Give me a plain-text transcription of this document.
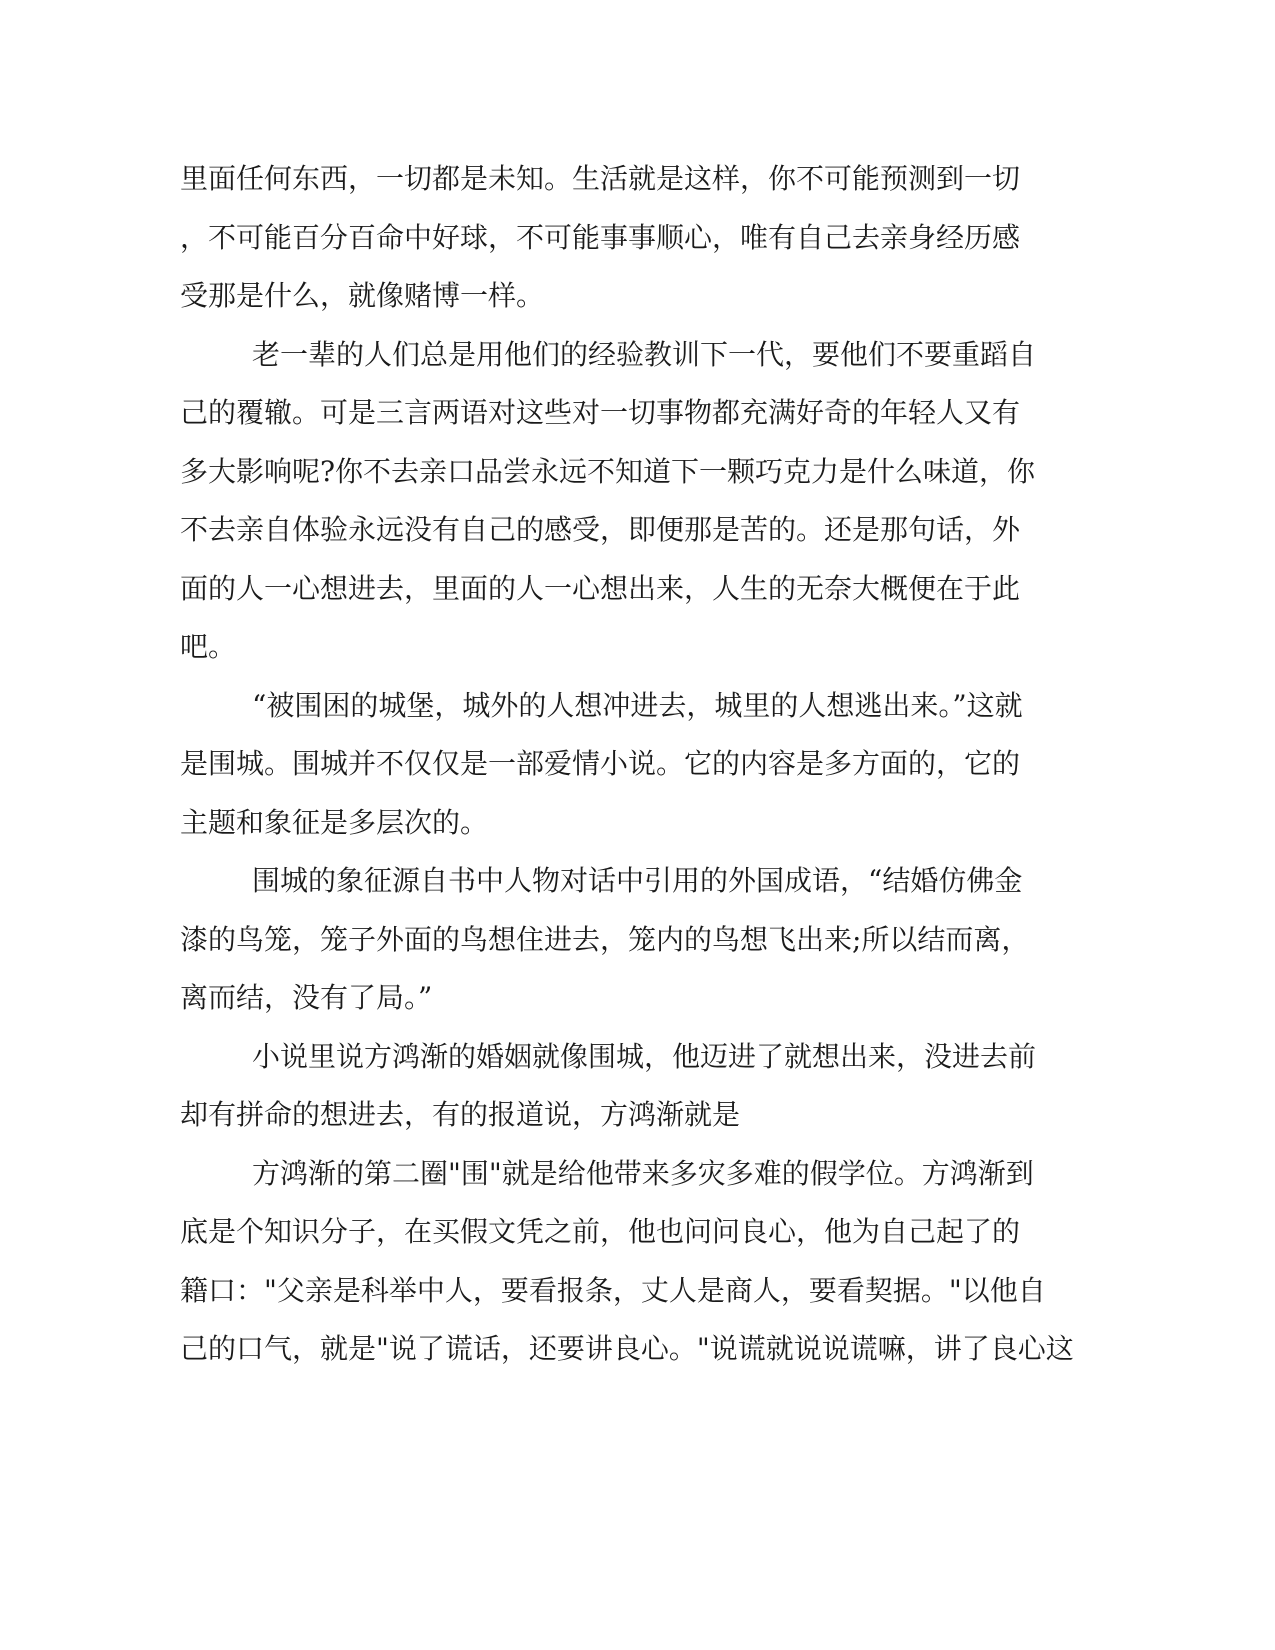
里面任何东西，一切都是未知。生活就是这样，你不可能预测到一切
，不可能百分百命中好球，不可能事事顺心，唯有自己去亲身经历感
受那是什么，就像赌博一样。
老一辈的人们总是用他们的经验教训下一代，要他们不要重蹈自
己的覆辙。可是三言两语对这些对一切事物都充满好奇的年轻人又有
多大影响呢?你不去亲口品尝永远不知道下一颗巧克力是什么味道，你
不去亲自体验永远没有自己的感受，即便那是苦的。还是那句话，外
面的人一心想进去，里面的人一心想出来，人生的无奈大概便在于此
吧。
“被围困的城堡，城外的人想冲进去，城里的人想逃出来。”这就
是围城。围城并不仅仅是一部爱情小说。它的内容是多方面的，它的
主题和象征是多层次的。
围城的象征源自书中人物对话中引用的外国成语，“结婚仿佛金
漆的鸟笼，笼子外面的鸟想住进去，笼内的鸟想飞出来;所以结而离，
离而结，没有了局。”
小说里说方鸿渐的婚姻就像围城，他迈进了就想出来，没进去前
却有拼命的想进去，有的报道说，方鸿渐就是
方鸿渐的第二圈"围"就是给他带来多灾多难的假学位。方鸿渐到
底是个知识分子，在买假文凭之前，他也问问良心，他为自己起了的
籍口："父亲是科举中人，要看报条，丈人是商人，要看契据。"以他自
己的口气，就是"说了谎话，还要讲良心。"说谎就说说谎嘛，讲了良心这
